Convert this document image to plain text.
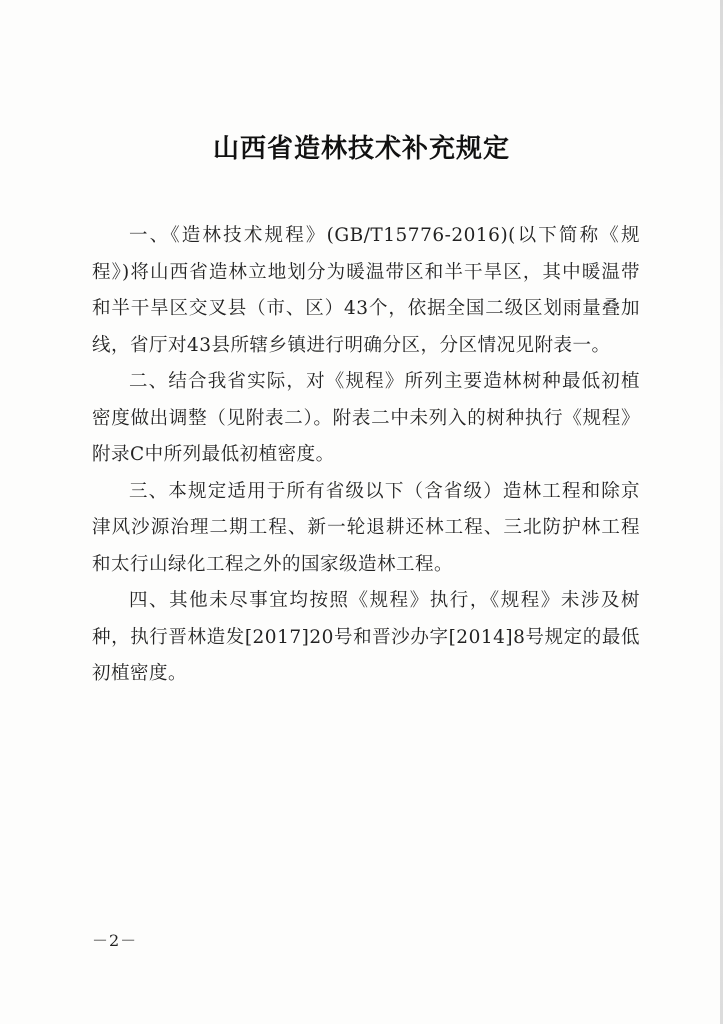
山西省造林技术补充规定

一、《造林技术规程》(GB/T15776-2016)(以下简称《规程》)将山西省造林立地划分为暖温带区和半干旱区，其中暖温带和半干旱区交叉县（市、区）43个，依据全国二级区划雨量叠加线，省厅对43县所辖乡镇进行明确分区，分区情况见附表一。

二、结合我省实际，对《规程》所列主要造林树种最低初植密度做出调整（见附表二）。附表二中未列入的树种执行《规程》附录C中所列最低初植密度。

三、本规定适用于所有省级以下（含省级）造林工程和除京津风沙源治理二期工程、新一轮退耕还林工程、三北防护林工程和太行山绿化工程之外的国家级造林工程。

四、其他未尽事宜均按照《规程》执行，《规程》未涉及树种，执行晋林造发[2017]20号和晋沙办字[2014]8号规定的最低初植密度。

－2－
